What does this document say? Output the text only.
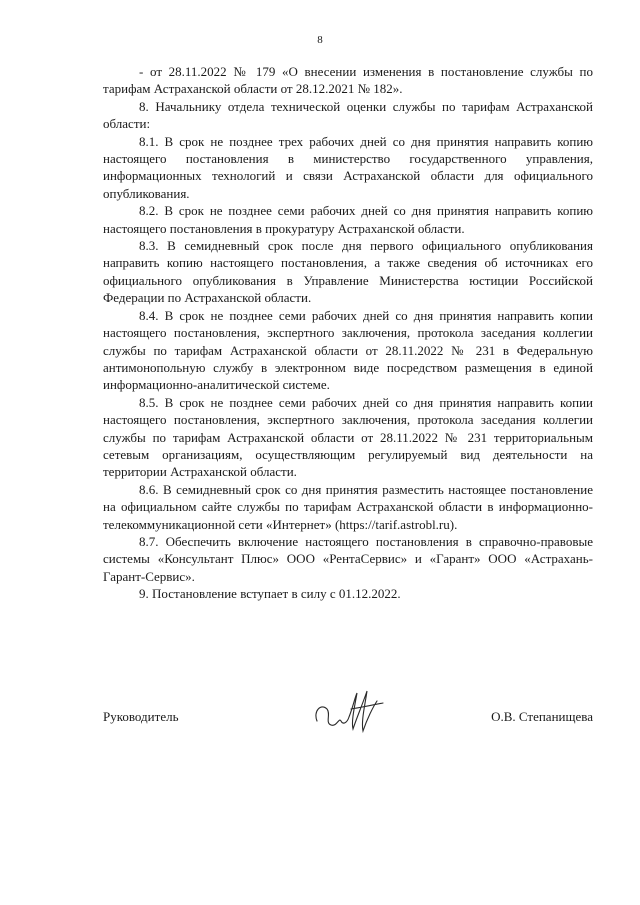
8

- от 28.11.2022 № 179 «О внесении изменения в постановление службы по тарифам Астраханской области от 28.12.2021 № 182».

8. Начальнику отдела технической оценки службы по тарифам Астраханской области:

8.1. В срок не позднее трех рабочих дней со дня принятия направить копию настоящего постановления в министерство государственного управления, информационных технологий и связи Астраханской области для официального опубликования.

8.2. В срок не позднее семи рабочих дней со дня принятия направить копию настоящего постановления в прокуратуру Астраханской области.

8.3. В семидневный срок после дня первого официального опубликования направить копию настоящего постановления, а также сведения об источниках его официального опубликования в Управление Министерства юстиции Российской Федерации по Астраханской области.

8.4. В срок не позднее семи рабочих дней со дня принятия направить копии настоящего постановления, экспертного заключения, протокола заседания коллегии службы по тарифам Астраханской области от 28.11.2022 № 231 в Федеральную антимонопольную службу в электронном виде посредством размещения в единой информационно-аналитической системе.

8.5. В срок не позднее семи рабочих дней со дня принятия направить копии настоящего постановления, экспертного заключения, протокола заседания коллегии службы по тарифам Астраханской области от 28.11.2022 № 231 территориальным сетевым организациям, осуществляющим регулируемый вид деятельности на территории Астраханской области.

8.6. В семидневный срок со дня принятия разместить настоящее постановление на официальном сайте службы по тарифам Астраханской области в информационно-телекоммуникационной сети «Интернет» (https://tarif.astrobl.ru).

8.7. Обеспечить включение настоящего постановления в справочно-правовые системы «Консультант Плюс» ООО «РентаСервис» и «Гарант» ООО «Астрахань-Гарант-Сервис».

9. Постановление вступает в силу с 01.12.2022.

Руководитель	О.В. Степанищева
